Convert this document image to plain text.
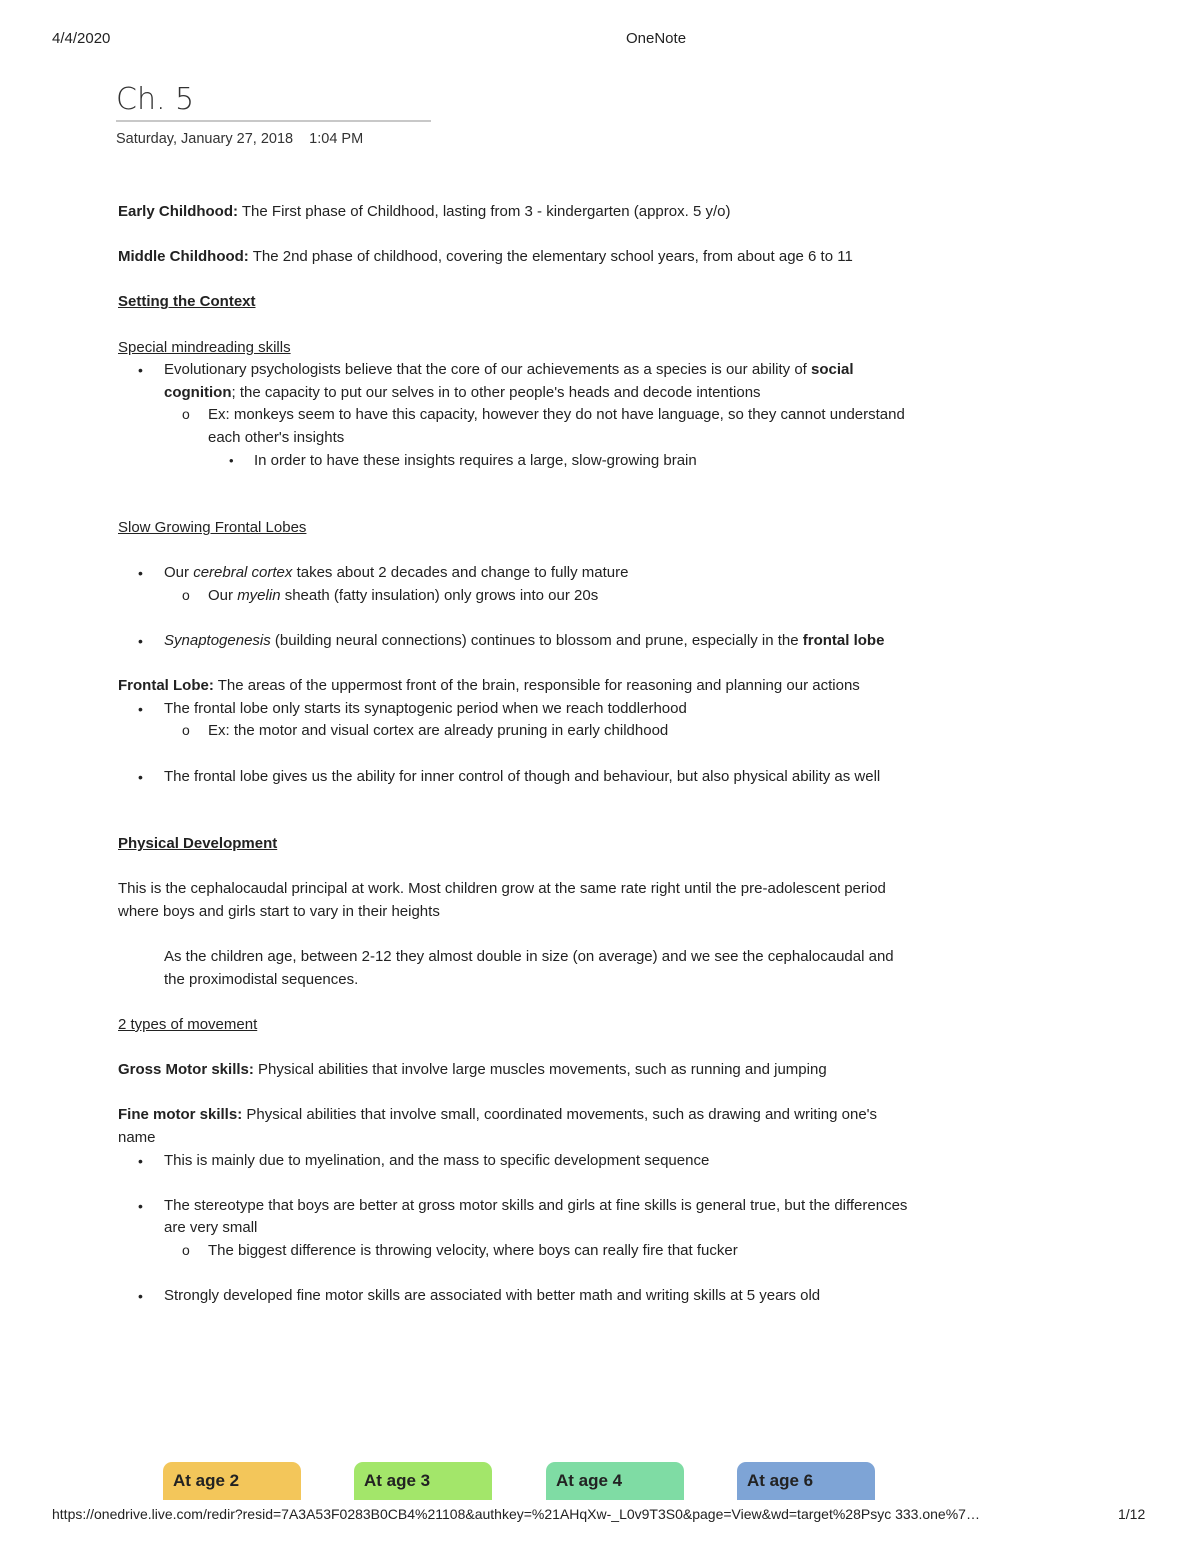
4/4/2020	OneNote
Ch. 5
Saturday, January 27, 2018    1:04 PM

Early Childhood: The First phase of Childhood, lasting from 3 - kindergarten (approx. 5 y/o)

Middle Childhood: The 2nd phase of childhood, covering the elementary school years, from about age 6 to 11

Setting the Context

Special mindreading skills

• Evolutionary psychologists believe that the core of our achievements as a species is our ability of social cognition; the capacity to put our selves in to other people's heads and decode intentions
o Ex: monkeys seem to have this capacity, however they do not have language, so they cannot understand each other's insights
• In order to have these insights requires a large, slow-growing brain

Slow Growing Frontal Lobes

• Our cerebral cortex takes about 2 decades and change to fully mature
o Our myelin sheath (fatty insulation) only grows into our 20s
• Synaptogenesis (building neural connections) continues to blossom and prune, especially in the frontal lobe

Frontal Lobe: The areas of the uppermost front of the brain, responsible for reasoning and planning our actions

• The frontal lobe only starts its synaptogenic period when we reach toddlerhood
o Ex: the motor and visual cortex are already pruning in early childhood
• The frontal lobe gives us the ability for inner control of though and behaviour, but also physical ability as well

Physical Development

This is the cephalocaudal principal at work. Most children grow at the same rate right until the pre-adolescent period where boys and girls start to vary in their heights

As the children age, between 2-12 they almost double in size (on average) and we see the cephalocaudal and the proximodistal sequences.

2 types of movement

Gross Motor skills: Physical abilities that involve large muscles movements, such as running and jumping

Fine motor skills: Physical abilities that involve small, coordinated movements, such as drawing and writing one's name

• This is mainly due to myelination, and the mass to specific development sequence
• The stereotype that boys are better at gross motor skills and girls at fine skills is general true, but the differences are very small
o The biggest difference is throwing velocity, where boys can really fire that fucker
• Strongly developed fine motor skills are associated with better math and writing skills at 5 years old
At age 2	At age 3	At age 4	At age 6
https://onedrive.live.com/redir?resid=7A3A53F0283B0CB4%21108&authkey=%21AHqXw-_L0v9T3S0&page=View&wd=target%28Psyc 333.one%7…	1/12
